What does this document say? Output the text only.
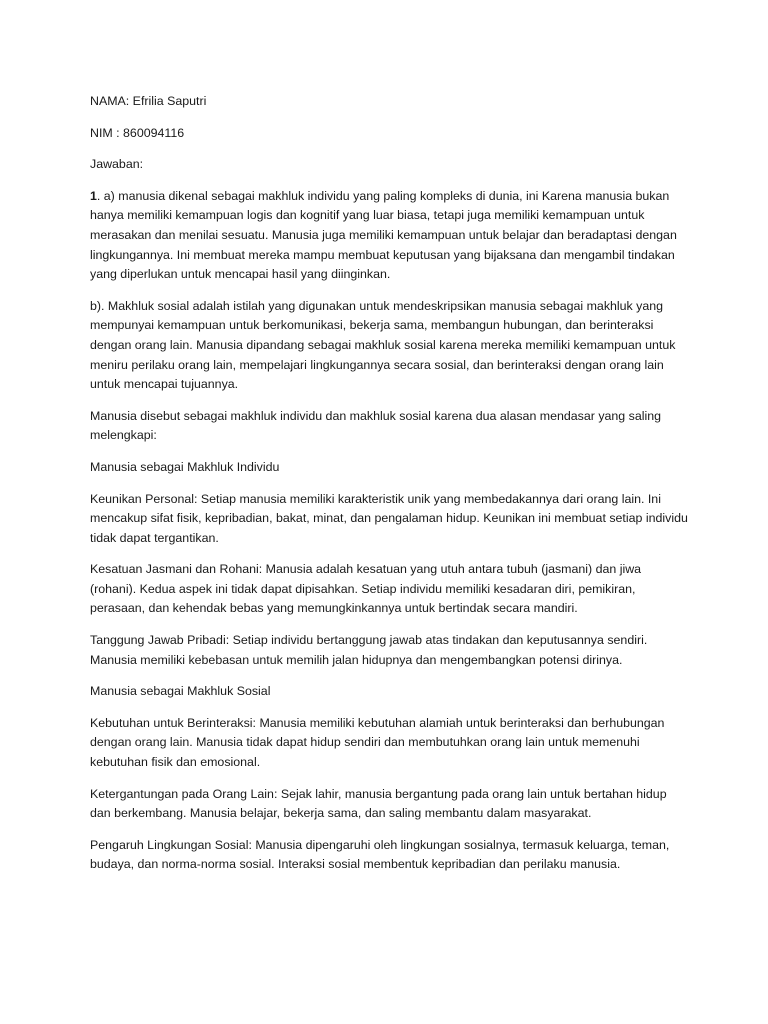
NAMA: Efrilia Saputri

NIM : 860094116

Jawaban:

1. a) manusia dikenal sebagai makhluk individu yang paling kompleks di dunia, ini Karena manusia bukan hanya memiliki kemampuan logis dan kognitif yang luar biasa, tetapi juga memiliki kemampuan untuk merasakan dan menilai sesuatu. Manusia juga memiliki kemampuan untuk belajar dan beradaptasi dengan lingkungannya. Ini membuat mereka mampu membuat keputusan yang bijaksana dan mengambil tindakan yang diperlukan untuk mencapai hasil yang diinginkan.

b). Makhluk sosial adalah istilah yang digunakan untuk mendeskripsikan manusia sebagai makhluk yang mempunyai kemampuan untuk berkomunikasi, bekerja sama, membangun hubungan, dan berinteraksi dengan orang lain. Manusia dipandang sebagai makhluk sosial karena mereka memiliki kemampuan untuk meniru perilaku orang lain, mempelajari lingkungannya secara sosial, dan berinteraksi dengan orang lain untuk mencapai tujuannya.

Manusia disebut sebagai makhluk individu dan makhluk sosial karena dua alasan mendasar yang saling melengkapi:

Manusia sebagai Makhluk Individu

Keunikan Personal: Setiap manusia memiliki karakteristik unik yang membedakannya dari orang lain. Ini mencakup sifat fisik, kepribadian, bakat, minat, dan pengalaman hidup. Keunikan ini membuat setiap individu tidak dapat tergantikan.

Kesatuan Jasmani dan Rohani: Manusia adalah kesatuan yang utuh antara tubuh (jasmani) dan jiwa (rohani). Kedua aspek ini tidak dapat dipisahkan. Setiap individu memiliki kesadaran diri, pemikiran, perasaan, dan kehendak bebas yang memungkinkannya untuk bertindak secara mandiri.

Tanggung Jawab Pribadi: Setiap individu bertanggung jawab atas tindakan dan keputusannya sendiri. Manusia memiliki kebebasan untuk memilih jalan hidupnya dan mengembangkan potensi dirinya.

Manusia sebagai Makhluk Sosial

Kebutuhan untuk Berinteraksi: Manusia memiliki kebutuhan alamiah untuk berinteraksi dan berhubungan dengan orang lain. Manusia tidak dapat hidup sendiri dan membutuhkan orang lain untuk memenuhi kebutuhan fisik dan emosional.

Ketergantungan pada Orang Lain: Sejak lahir, manusia bergantung pada orang lain untuk bertahan hidup dan berkembang. Manusia belajar, bekerja sama, dan saling membantu dalam masyarakat.

Pengaruh Lingkungan Sosial: Manusia dipengaruhi oleh lingkungan sosialnya, termasuk keluarga, teman, budaya, dan norma-norma sosial. Interaksi sosial membentuk kepribadian dan perilaku manusia.
